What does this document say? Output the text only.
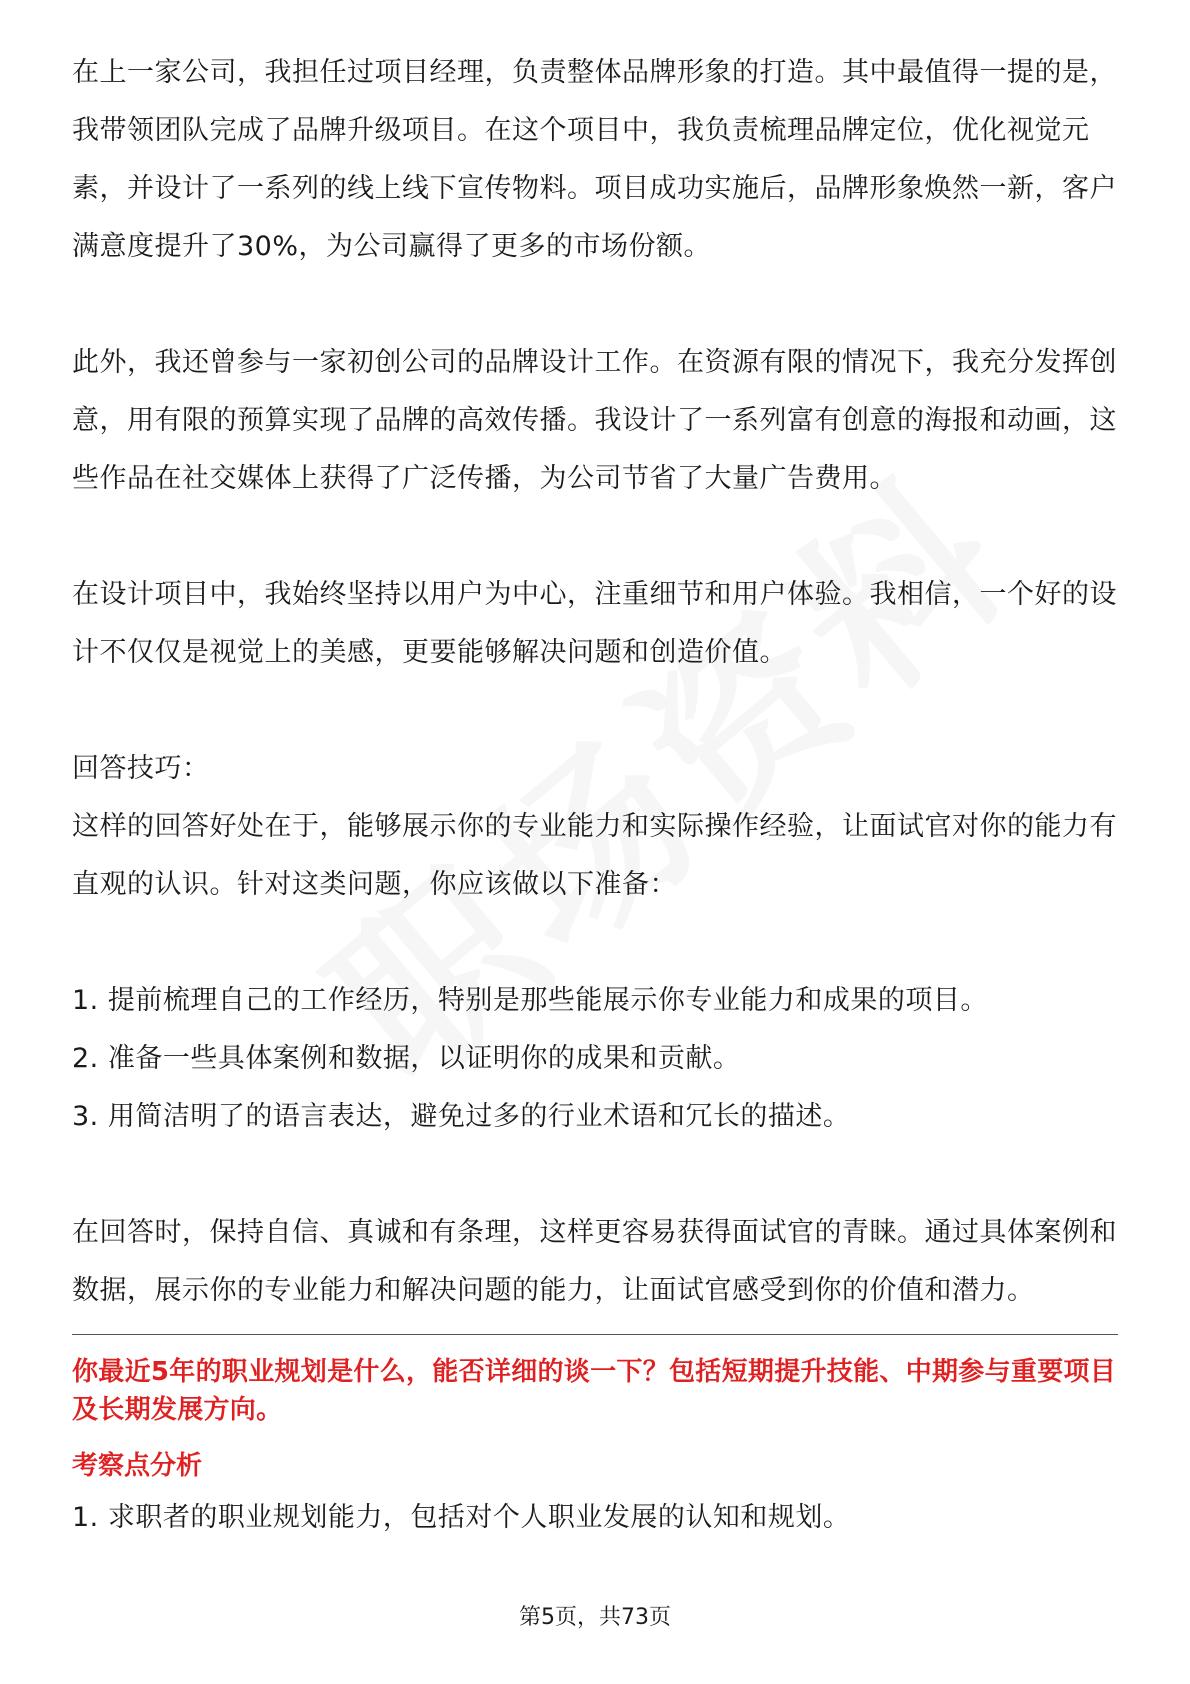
在上一家公司，我担任过项目经理，负责整体品牌形象的打造。其中最值得一提的是，我带领团队完成了品牌升级项目。在这个项目中，我负责梳理品牌定位，优化视觉元素，并设计了一系列的线上线下宣传物料。项目成功实施后，品牌形象焕然一新，客户满意度提升了30%，为公司赢得了更多的市场份额。

此外，我还曾参与一家初创公司的品牌设计工作。在资源有限的情况下，我充分发挥创意，用有限的预算实现了品牌的高效传播。我设计了一系列富有创意的海报和动画，这些作品在社交媒体上获得了广泛传播，为公司节省了大量广告费用。

在设计项目中，我始终坚持以用户为中心，注重细节和用户体验。我相信，一个好的设计不仅仅是视觉上的美感，更要能够解决问题和创造价值。

回答技巧：

这样的回答好处在于，能够展示你的专业能力和实际操作经验，让面试官对你的能力有直观的认识。针对这类问题，你应该做以下准备：

1. 提前梳理自己的工作经历，特别是那些能展示你专业能力和成果的项目。

2. 准备一些具体案例和数据，以证明你的成果和贡献。

3. 用简洁明了的语言表达，避免过多的行业术语和冗长的描述。

在回答时，保持自信、真诚和有条理，这样更容易获得面试官的青睐。通过具体案例和数据，展示你的专业能力和解决问题的能力，让面试官感受到你的价值和潜力。

你最近5年的职业规划是什么，能否详细的谈一下？包括短期提升技能、中期参与重要项目及长期发展方向。

考察点分析

1. 求职者的职业规划能力，包括对个人职业发展的认知和规划。

第5页，共73页
